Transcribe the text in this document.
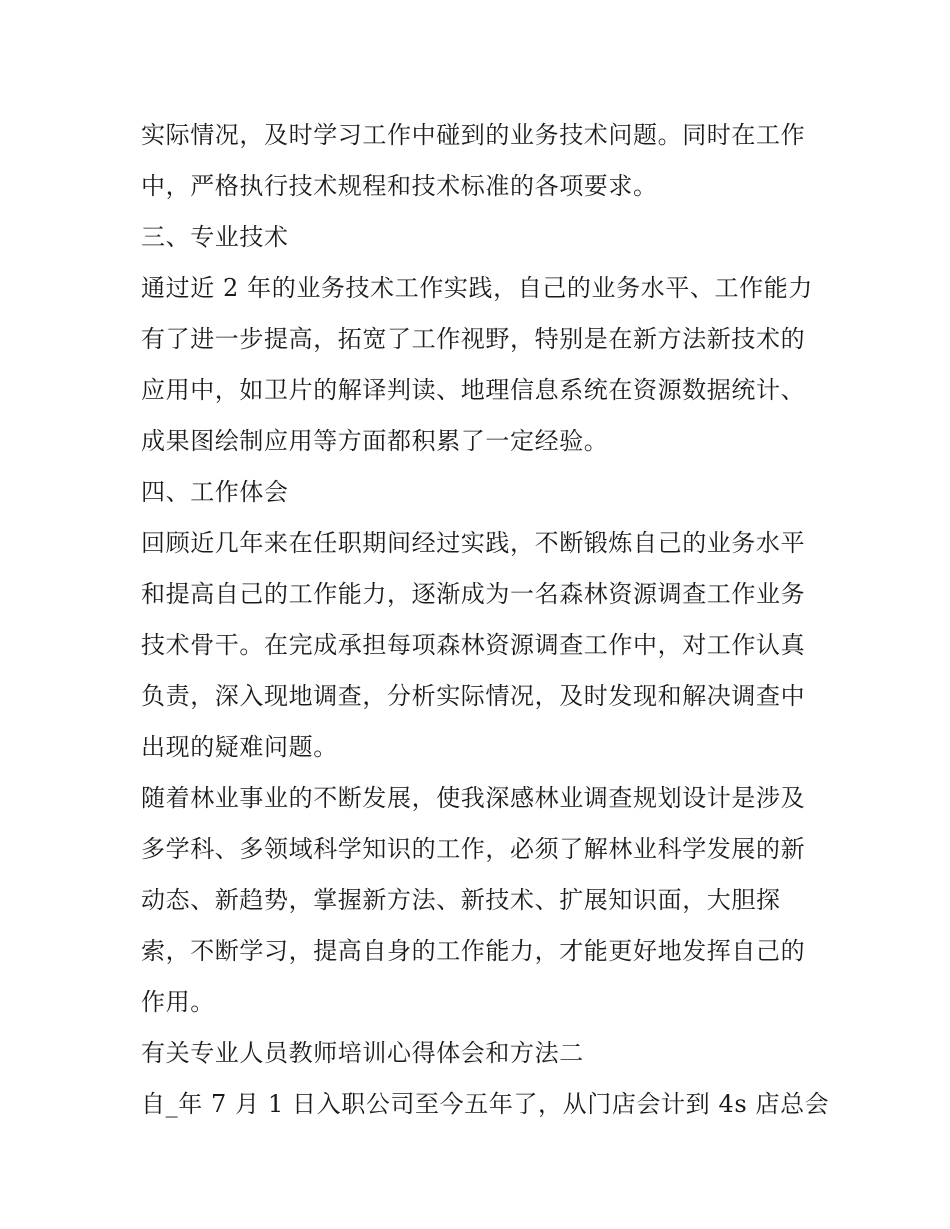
实际情况，及时学习工作中碰到的业务技术问题。同时在工作
中，严格执行技术规程和技术标准的各项要求。
三、专业技术
通过近 2 年的业务技术工作实践，自己的业务水平、工作能力
有了进一步提高，拓宽了工作视野，特别是在新方法新技术的
应用中，如卫片的解译判读、地理信息系统在资源数据统计、
成果图绘制应用等方面都积累了一定经验。
四、工作体会
回顾近几年来在任职期间经过实践，不断锻炼自己的业务水平
和提高自己的工作能力，逐渐成为一名森林资源调查工作业务
技术骨干。在完成承担每项森林资源调查工作中，对工作认真
负责，深入现地调查，分析实际情况，及时发现和解决调查中
出现的疑难问题。
随着林业事业的不断发展，使我深感林业调查规划设计是涉及
多学科、多领域科学知识的工作，必须了解林业科学发展的新
动态、新趋势，掌握新方法、新技术、扩展知识面，大胆探
索，不断学习，提高自身的工作能力，才能更好地发挥自己的
作用。
有关专业人员教师培训心得体会和方法二
自_年 7 月 1 日入职公司至今五年了，从门店会计到 4s 店总会
